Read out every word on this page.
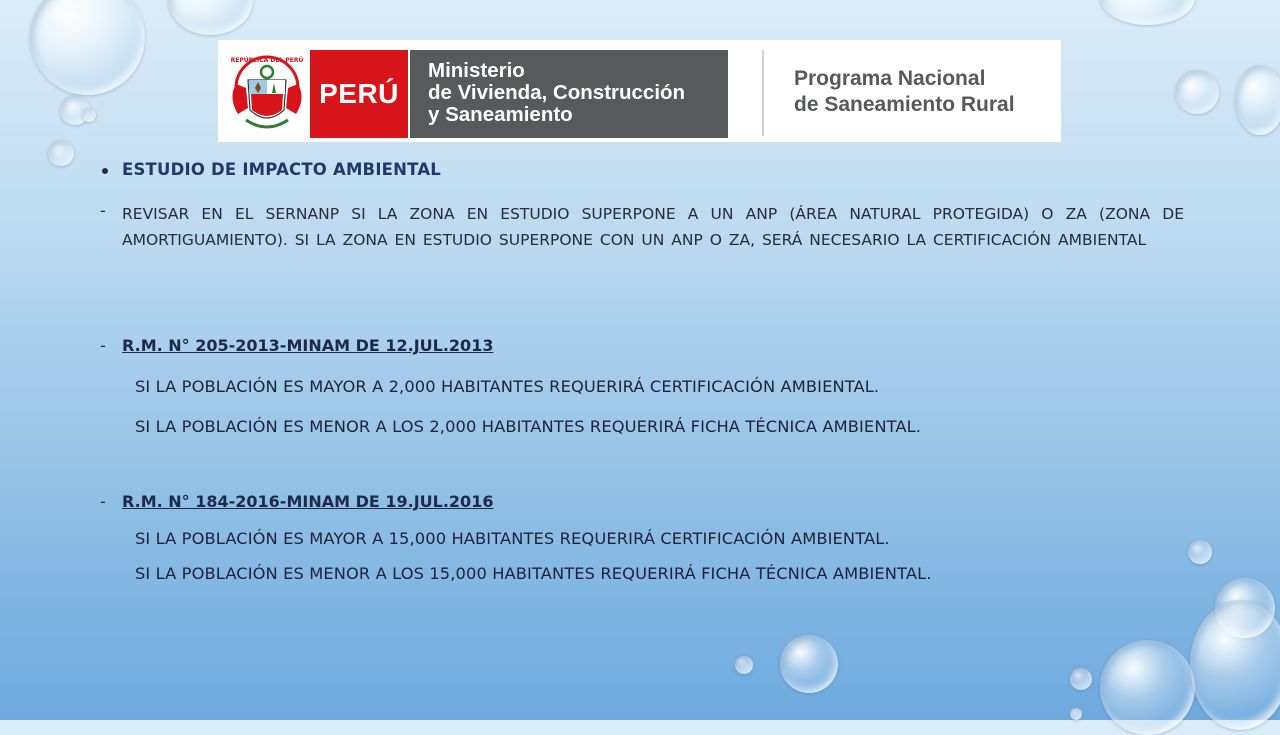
REPÚBLICA DEL PERÚ
PERÚ
Ministerio
de Vivienda, Construcción
y Saneamiento
Programa Nacional
de Saneamiento Rural
ESTUDIO DE IMPACTO AMBIENTAL
- REVISAR EN EL SERNANP SI LA ZONA EN ESTUDIO SUPERPONE A UN ANP (ÁREA NATURAL PROTEGIDA) O ZA (ZONA DE AMORTIGUAMIENTO). SI LA ZONA EN ESTUDIO SUPERPONE CON UN ANP O ZA, SERÁ NECESARIO LA CERTIFICACIÓN AMBIENTAL
- R.M. N° 205-2013-MINAM DE 12.JUL.2013
SI LA POBLACIÓN ES MAYOR A 2,000 HABITANTES REQUERIRÁ CERTIFICACIÓN AMBIENTAL.
SI LA POBLACIÓN ES MENOR A LOS 2,000 HABITANTES REQUERIRÁ FICHA TÉCNICA AMBIENTAL.
- R.M. N° 184-2016-MINAM DE 19.JUL.2016
SI LA POBLACIÓN ES MAYOR A 15,000 HABITANTES REQUERIRÁ CERTIFICACIÓN AMBIENTAL.
SI LA POBLACIÓN ES MENOR A LOS 15,000 HABITANTES REQUERIRÁ FICHA TÉCNICA AMBIENTAL.
